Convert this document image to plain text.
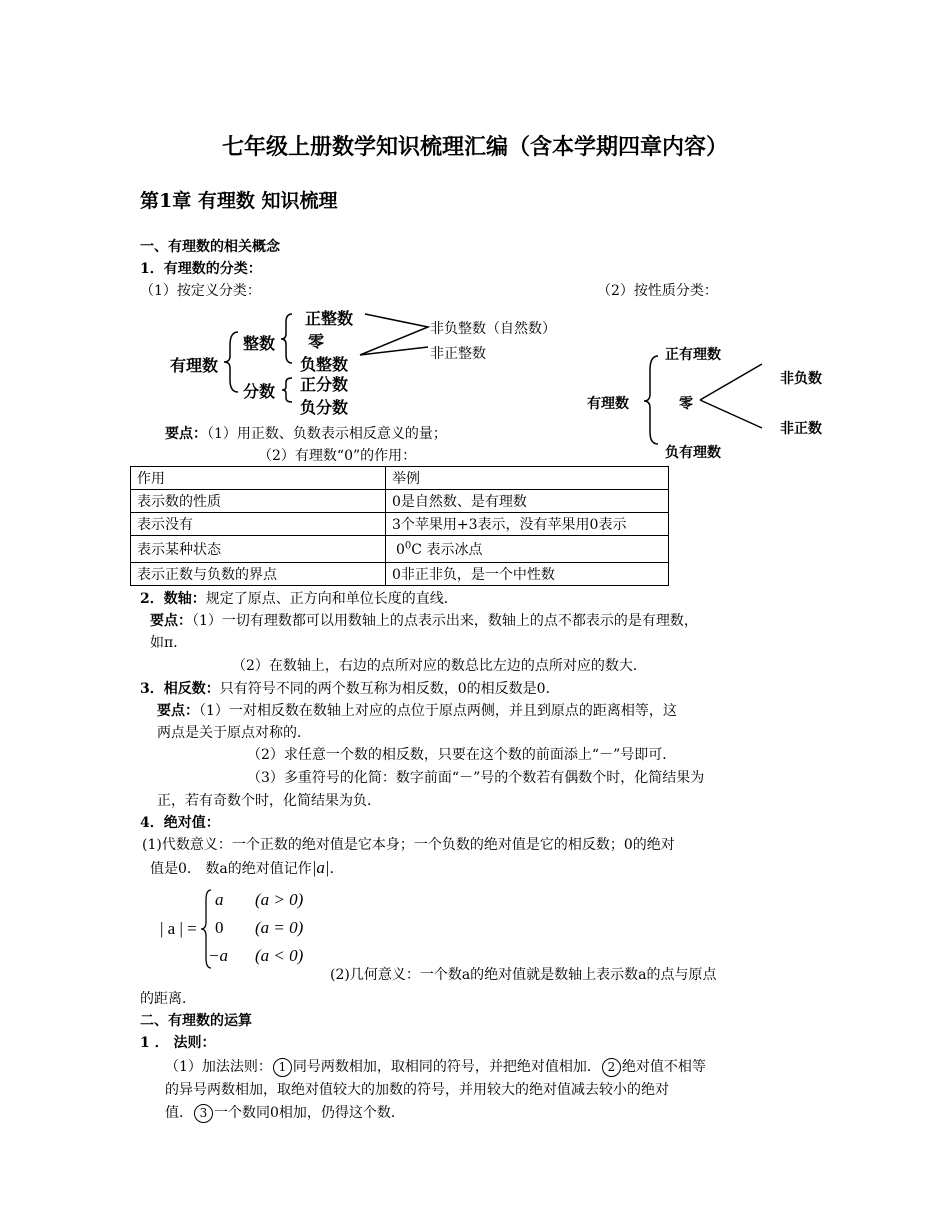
七年级上册数学知识梳理汇编（含本学期四章内容）
第1章 有理数 知识梳理
一、有理数的相关概念
1．有理数的分类：
（1）按定义分类：	（2）按性质分类：
有理数
整数
分数
正整数
零
负整数
非负整数（自然数）
非正整数
正分数
负分数	有理数
正有理数
零
负有理数
非负数
非正数
要点：（1）用正数、负数表示相反意义的量；
（2）有理数“0”的作用：
作用	举例
表示数的性质	0是自然数、是有理数
表示没有	3个苹果用+3表示，没有苹果用0表示
表示某种状态	$0^0C$ 表示冰点
表示正数与负数的界点	0非正非负，是一个中性数
2．数轴：规定了原点、正方向和单位长度的直线．
要点：（1）一切有理数都可以用数轴上的点表示出来，数轴上的点不都表示的是有理数，
如π．
（2）在数轴上，右边的点所对应的数总比左边的点所对应的数大．
3．相反数：只有符号不同的两个数互称为相反数，0的相反数是0．
要点：（1）一对相反数在数轴上对应的点位于原点两侧，并且到原点的距离相等，这
两点是关于原点对称的．
（2）求任意一个数的相反数，只要在这个数的前面添上“－”号即可．
（3）多重符号的化简：数字前面“－”号的个数若有偶数个时，化简结果为
正，若有奇数个时，化简结果为负．
4．绝对值：
(1)代数意义：一个正数的绝对值是它本身；一个负数的绝对值是它的相反数；0的绝对
值是0． 数a的绝对值记作|a|．
| a | =
a (a > 0)
0 (a = 0)
−a (a < 0)
(2)几何意义：一个数a的绝对值就是数轴上表示数a的点与原点
的距离．
二、有理数的运算
1 ． 法则：
（1）加法法则： 1 同号两数相加，取相同的符号，并把绝对值相加． 2 绝对值不相等
的异号两数相加，取绝对值较大的加数的符号，并用较大的绝对值减去较小的绝对
值． 3 一个数同0相加，仍得这个数．
